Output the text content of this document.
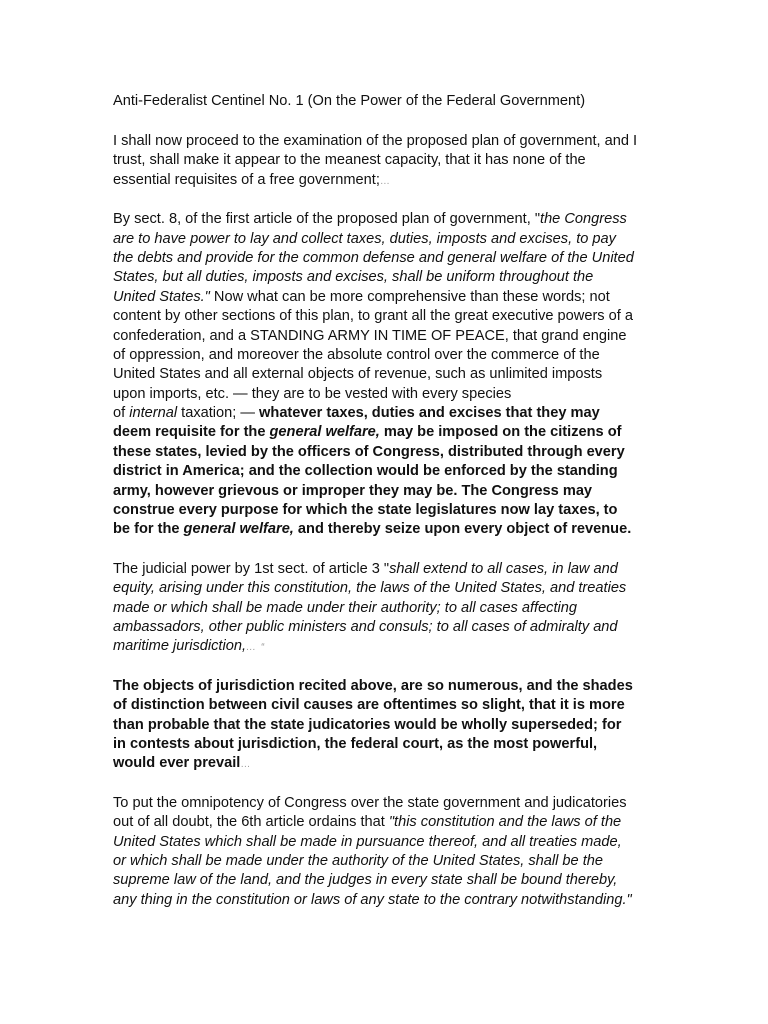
Anti-Federalist Centinel No. 1 (On the Power of the Federal Government)
I shall now proceed to the examination of the proposed plan of government, and I
trust, shall make it appear to the meanest capacity, that it has none of the
essential requisites of a free government;…
By sect. 8, of the first article of the proposed plan of government, "the Congress
are to have power to lay and collect taxes, duties, imposts and excises, to pay
the debts and provide for the common defense and general welfare of the United
States, but all duties, imposts and excises, shall be uniform throughout the
United States." Now what can be more comprehensive than these words; not
content by other sections of this plan, to grant all the great executive powers of a
confederation, and a STANDING ARMY IN TIME OF PEACE, that grand engine
of oppression, and moreover the absolute control over the commerce of the
United States and all external objects of revenue, such as unlimited imposts
upon imports, etc. — they are to be vested with every species
of internal taxation; — whatever taxes, duties and excises that they may
deem requisite for the general welfare, may be imposed on the citizens of
these states, levied by the officers of Congress, distributed through every
district in America; and the collection would be enforced by the standing
army, however grievous or improper they may be. The Congress may
construe every purpose for which the state legislatures now lay taxes, to
be for the general welfare, and thereby seize upon every object of revenue.
The judicial power by 1st sect. of article 3 "shall extend to all cases, in law and
equity, arising under this constitution, the laws of the United States, and treaties
made or which shall be made under their authority; to all cases affecting
ambassadors, other public ministers and consuls; to all cases of admiralty and
maritime jurisdiction,… “
The objects of jurisdiction recited above, are so numerous, and the shades
of distinction between civil causes are oftentimes so slight, that it is more
than probable that the state judicatories would be wholly superseded; for
in contests about jurisdiction, the federal court, as the most powerful,
would ever prevail…
To put the omnipotency of Congress over the state government and judicatories
out of all doubt, the 6th article ordains that "this constitution and the laws of the
United States which shall be made in pursuance thereof, and all treaties made,
or which shall be made under the authority of the United States, shall be the
supreme law of the land, and the judges in every state shall be bound thereby,
any thing in the constitution or laws of any state to the contrary notwithstanding."
